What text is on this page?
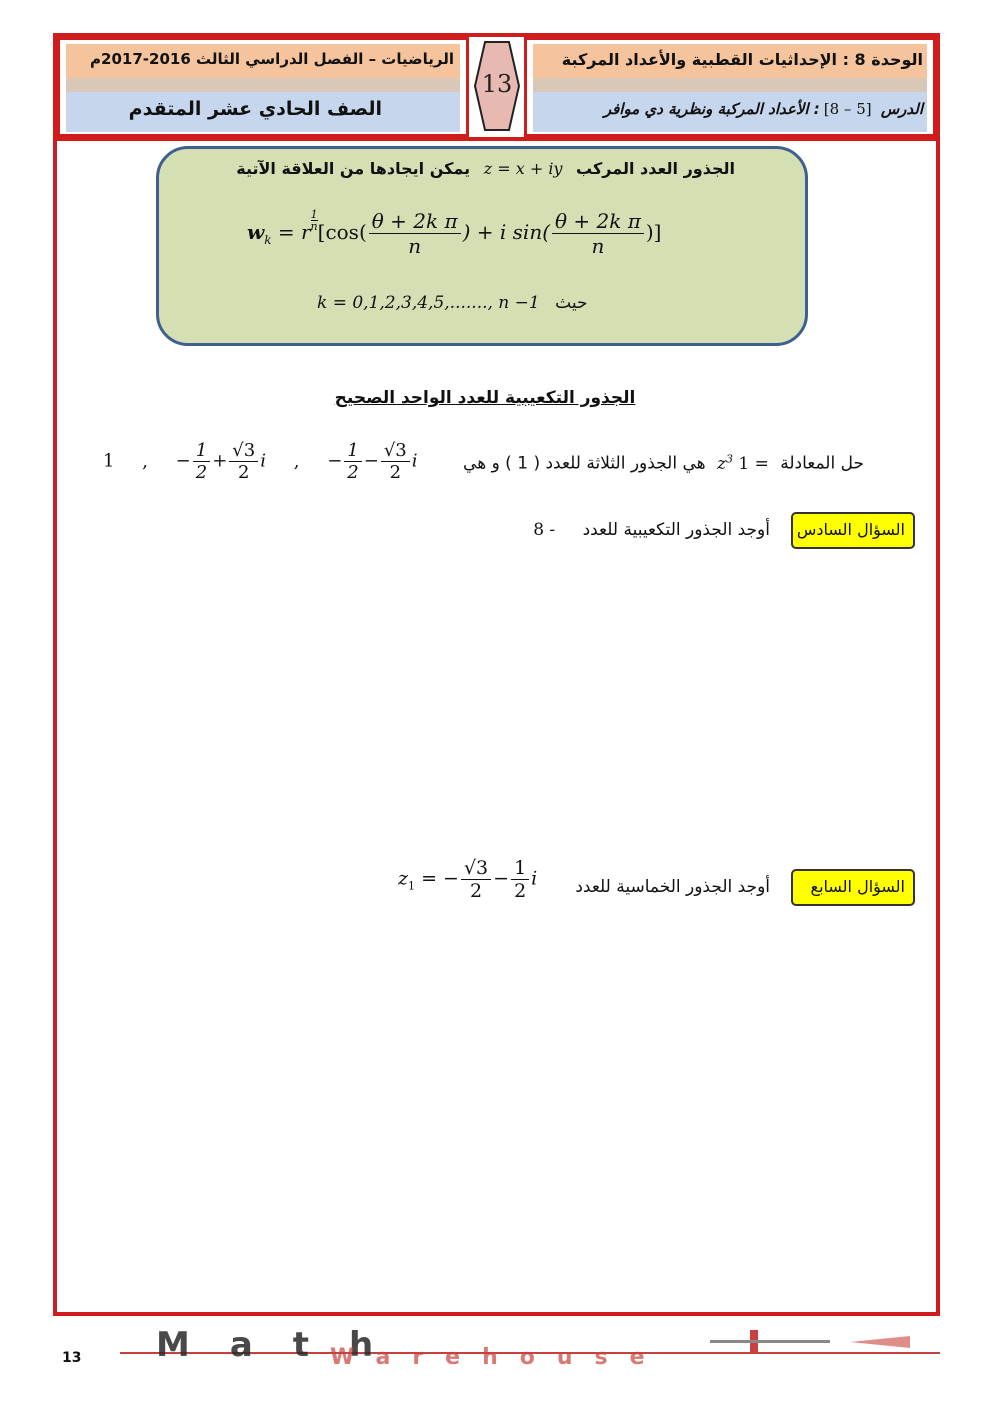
الوحدة 8 : الإحداثيات القطبية والأعداد المركبة
الدرس [8 – 5]: الأعداد المركبة ونظرية دي موافر
الرياضيات – الفصل الدراسي الثالث 2016-2017م
الصف الحادي عشر المتقدم
13
الجذور العدد المركب z = x + iy يمكن ايجادها من العلاقة الآتية
$w_k = r$ $^{\frac{1}{n}}$ [$\cos( \frac{\text{θ + 2k π}}{n}$ ) + i $\sin( \frac{\text{θ + 2k π}}{n}$ )]
k = 0,1,2,3,4,5,......., n −1 حيث
الجذور التكعيبية للعدد الواحد الصحيح
حل المعادلة $z^3$ 1 = هي الجذور الثلاثة للعدد ( 1 ) و هي
1 , − $\frac{1}{2} + \frac{√3}{2}$ i , − $\frac{1}{2} - \frac{√3}{2}$ i
السؤال السادس
أوجد الجذور التكعيبية للعدد 8 -
السؤال السابع
أوجد الجذور الخماسية للعدد
$z_1$ = − $\frac{√3}{2} - \frac{1}{2}$ i
13 Math
Warehouse
